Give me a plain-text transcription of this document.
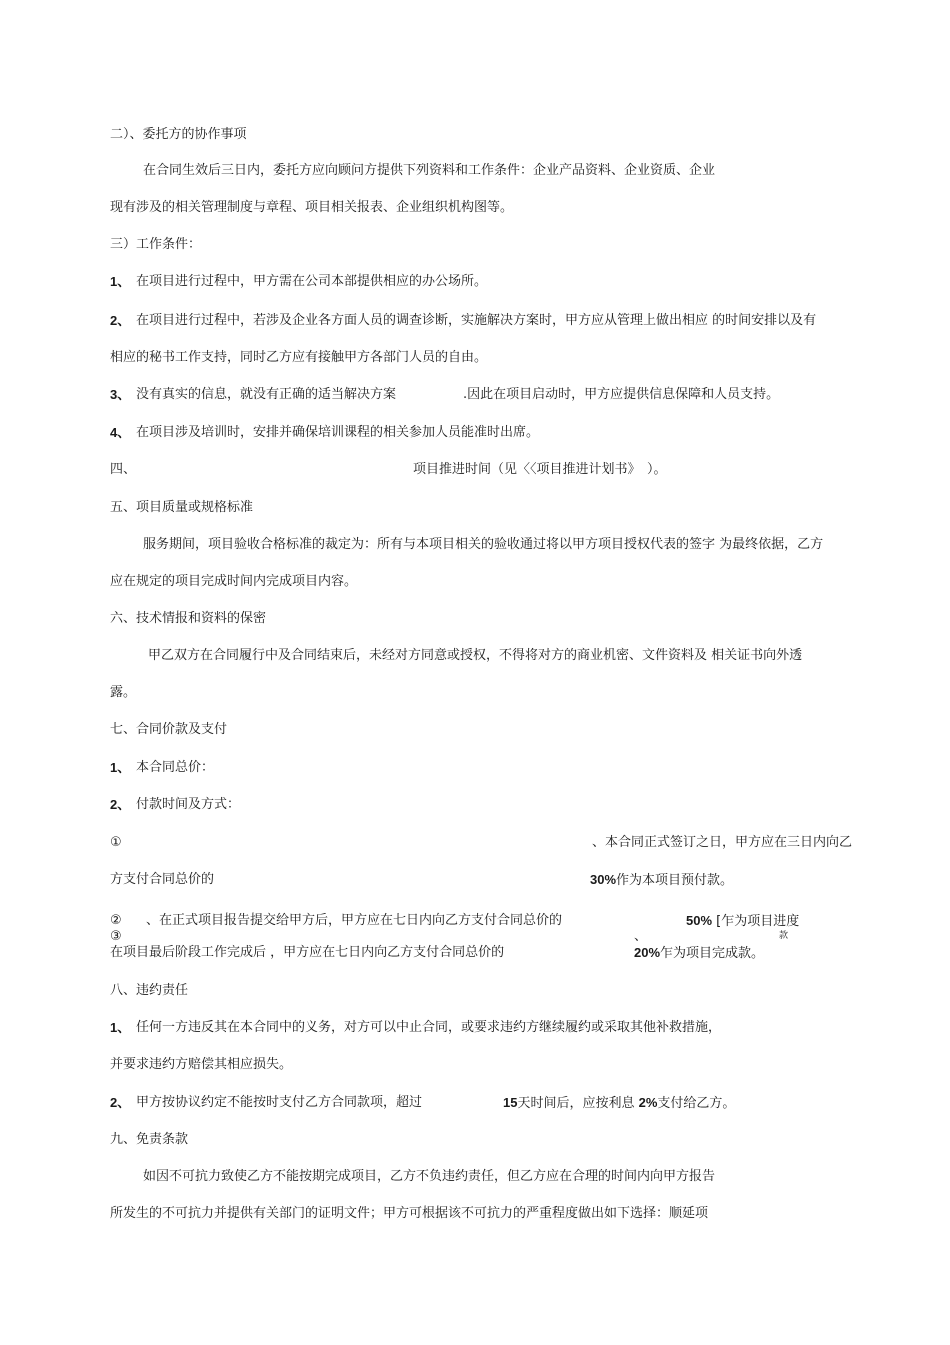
二）、委托方的协作事项
在合同生效后三日内，委托方应向顾问方提供下列资料和工作条件：企业产品资料、企业资质、企业
现有涉及的相关管理制度与章程、项目相关报表、企业组织机构图等。
三）工作条件：
1、 在项目进行过程中，甲方需在公司本部提供相应的办公场所。
2、 在项目进行过程中，若涉及企业各方面人员的调查诊断，实施解决方案时，甲方应从管理上做出相应 的时间安排以及有
相应的秘书工作支持，同时乙方应有接触甲方各部门人员的自由。
3、 没有真实的信息，就没有正确的适当解决方案	.因此在项目启动时，甲方应提供信息保障和人员支持。
4、 在项目涉及培训时，安排并确保培训课程的相关参加人员能准时出席。
四、	项目推进时间（见〈〈项目推进计划书》　）。
五、项目质量或规格标准
服务期间，项目验收合格标准的裁定为：所有与本项目相关的验收通过将以甲方项目授权代表的签字 为最终依据，乙方
应在规定的项目完成时间内完成项目内容。
六、技术情报和资料的保密
甲乙双方在合同履行中及合同结束后，未经对方同意或授权，不得将对方的商业机密、文件资料及 相关证书向外透
露。
七、合同价款及支付
1、 本合同总价：
2、 付款时间及方式：
①	、本合同正式签订之日，甲方应在三日内向乙
方支付合同总价的	30%作为本项目预付款。
② 、在正式项目报告提交给甲方后，甲方应在七日内向乙方支付合同总价的	50% [乍为项目进度
款
③	、
在项目最后阶段工作完成后 ，甲方应在七日内向乙方支付合同总价的	20%乍为项目完成款。
八、违约责任
1、 任何一方违反其在本合同中的义务，对方可以中止合同，或要求违约方继续履约或采取其他补救措施，
并要求违约方赔偿其相应损失。
2、 甲方按协议约定不能按时支付乙方合同款项，超过	15天时间后，应按利息 2%支付给乙方。
九、免责条款
如因不可抗力致使乙方不能按期完成项目，乙方不负违约责任，但乙方应在合理的时间内向甲方报告
所发生的不可抗力并提供有关部门的证明文件；甲方可根据该不可抗力的严重程度做出如下选择：顺延项
